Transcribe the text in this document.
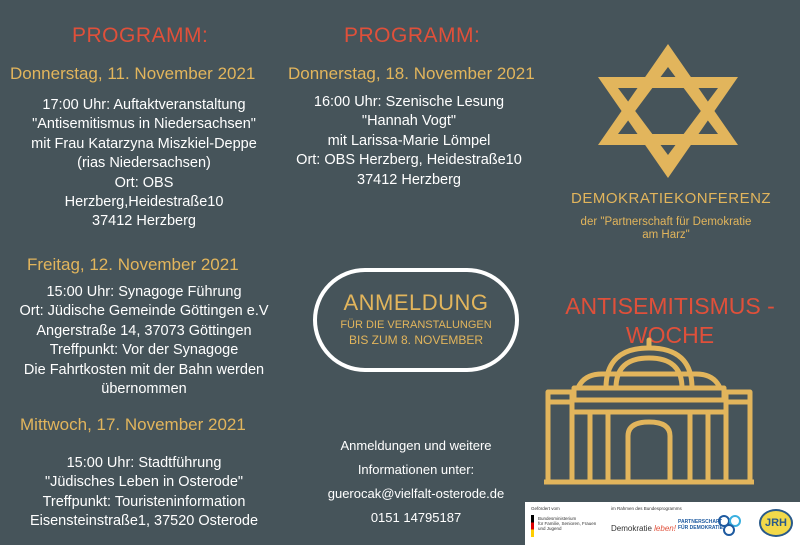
PROGRAMM:
Donnerstag, 11. November 2021
17:00 Uhr: Auftaktveranstaltung
"Antisemitismus in Niedersachsen"
mit Frau Katarzyna Miszkiel-Deppe
(rias Niedersachsen)
Ort: OBS
Herzberg,Heidestraße10
37412 Herzberg
Freitag, 12. November 2021
15:00 Uhr: Synagoge Führung
Ort: Jüdische Gemeinde Göttingen e.V
Angerstraße 14, 37073 Göttingen
Treffpunkt: Vor der Synagoge
Die Fahrtkosten mit der Bahn werden
übernommen
Mittwoch, 17. November 2021
15:00 Uhr: Stadtführung
"Jüdisches Leben in Osterode"
Treffpunkt: Touristeninformation
Eisensteinstraße1, 37520 Osterode
PROGRAMM:
Donnerstag, 18. November 2021
16:00 Uhr: Szenische Lesung
"Hannah Vogt"
mit Larissa-Marie Lömpel
Ort: OBS Herzberg, Heidestraße10
37412 Herzberg
ANMELDUNG
FÜR DIE VERANSTALUNGEN
BIS ZUM 8. NOVEMBER
Anmeldungen und weitere
Informationen unter:
guerocak@vielfalt-osterode.de
0151 14795187
DEMOKRATIEKONFERENZ
der "Partnerschaft für Demokratie
am Harz"
ANTISEMITISMUS -
WOCHE
Gefördert vom
Bundesministerium
für Familie, Senioren, Frauen
und Jugend
im Rahmen des Bundesprogramms
Demokratie leben!
PARTNERSCHAFT
FÜR DEMOKRATIE	JRH
